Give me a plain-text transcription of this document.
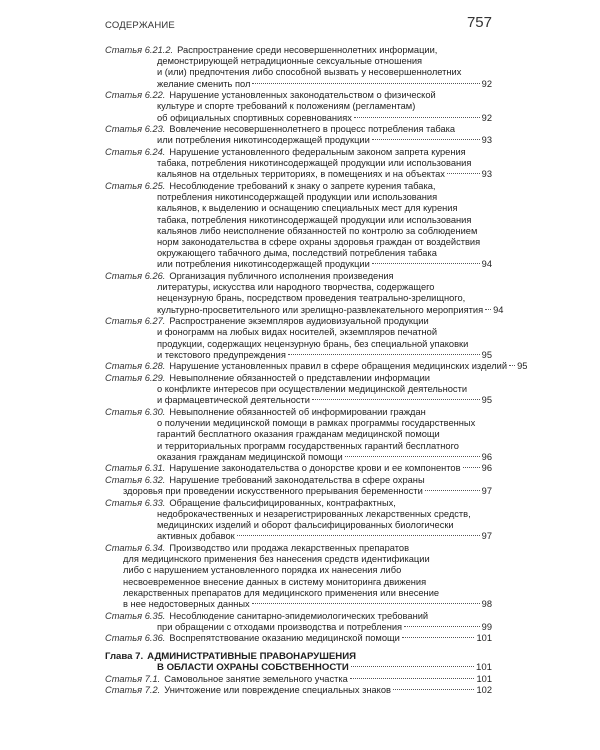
СОДЕРЖАНИЕ	757
Статья 6.21.2. Распространение среди несовершеннолетних информации,
демонстрирующей нетрадиционные сексуальные отношения
и (или) предпочтения либо способной вызвать у несовершеннолетних
желание сменить пол	92
Статья 6.22. Нарушение установленных законодательством о физической
культуре и спорте требований к положениям (регламентам)
об официальных спортивных соревнованиях	92
Статья 6.23. Вовлечение несовершеннолетнего в процесс потребления табака
или потребления никотинсодержащей продукции	93
Статья 6.24. Нарушение установленного федеральным законом запрета курения
табака, потребления никотинсодержащей продукции или использования
кальянов на отдельных территориях, в помещениях и на объектах	93
Статья 6.25. Несоблюдение требований к знаку о запрете курения табака,
потребления никотинсодержащей продукции или использования
кальянов, к выделению и оснащению специальных мест для курения
табака, потребления никотинсодержащей продукции или использования
кальянов либо неисполнение обязанностей по контролю за соблюдением
норм законодательства в сфере охраны здоровья граждан от воздействия
окружающего табачного дыма, последствий потребления табака
или потребления никотинсодержащей продукции	94
Статья 6.26. Организация публичного исполнения произведения
литературы, искусства или народного творчества, содержащего
нецензурную брань, посредством проведения театрально-зрелищного,
культурно-просветительного или зрелищно-развлекательного мероприятия 94
Статья 6.27. Распространение экземпляров аудиовизуальной продукции
и фонограмм на любых видах носителей, экземпляров печатной
продукции, содержащих нецензурную брань, без специальной упаковки
и текстового предупреждения	95
Статья 6.28. Нарушение установленных правил в сфере обращения медицинских изделий 95
Статья 6.29. Невыполнение обязанностей о представлении информации
о конфликте интересов при осуществлении медицинской деятельности
и фармацевтической деятельности	95
Статья 6.30. Невыполнение обязанностей об информировании граждан
о получении медицинской помощи в рамках программы государственных
гарантий бесплатного оказания гражданам медицинской помощи
и территориальных программ государственных гарантий бесплатного
оказания гражданам медицинской помощи	96
Статья 6.31. Нарушение законодательства о донорстве крови и ее компонентов 96
Статья 6.32. Нарушение требований законодательства в сфере охраны
здоровья при проведении искусственного прерывания беременности	97
Статья 6.33. Обращение фальсифицированных, контрафактных,
недоброкачественных и незарегистрированных лекарственных средств,
медицинских изделий и оборот фальсифицированных биологически
активных добавок	97
Статья 6.34. Производство или продажа лекарственных препаратов
для медицинского применения без нанесения средств идентификации
либо с нарушением установленного порядка их нанесения либо
несвоевременное внесение данных в систему мониторинга движения
лекарственных препаратов для медицинского применения или внесение
в нее недостоверных данных	98
Статья 6.35. Несоблюдение санитарно-эпидемиологических требований
при обращении с отходами производства и потребления	99
Статья 6.36. Воспрепятствование оказанию медицинской помощи	101
Глава 7. АДМИНИСТРАТИВНЫЕ ПРАВОНАРУШЕНИЯ
В ОБЛАСТИ ОХРАНЫ СОБСТВЕННОСТИ	101
Статья 7.1. Самовольное занятие земельного участка	101
Статья 7.2. Уничтожение или повреждение специальных знаков	102
